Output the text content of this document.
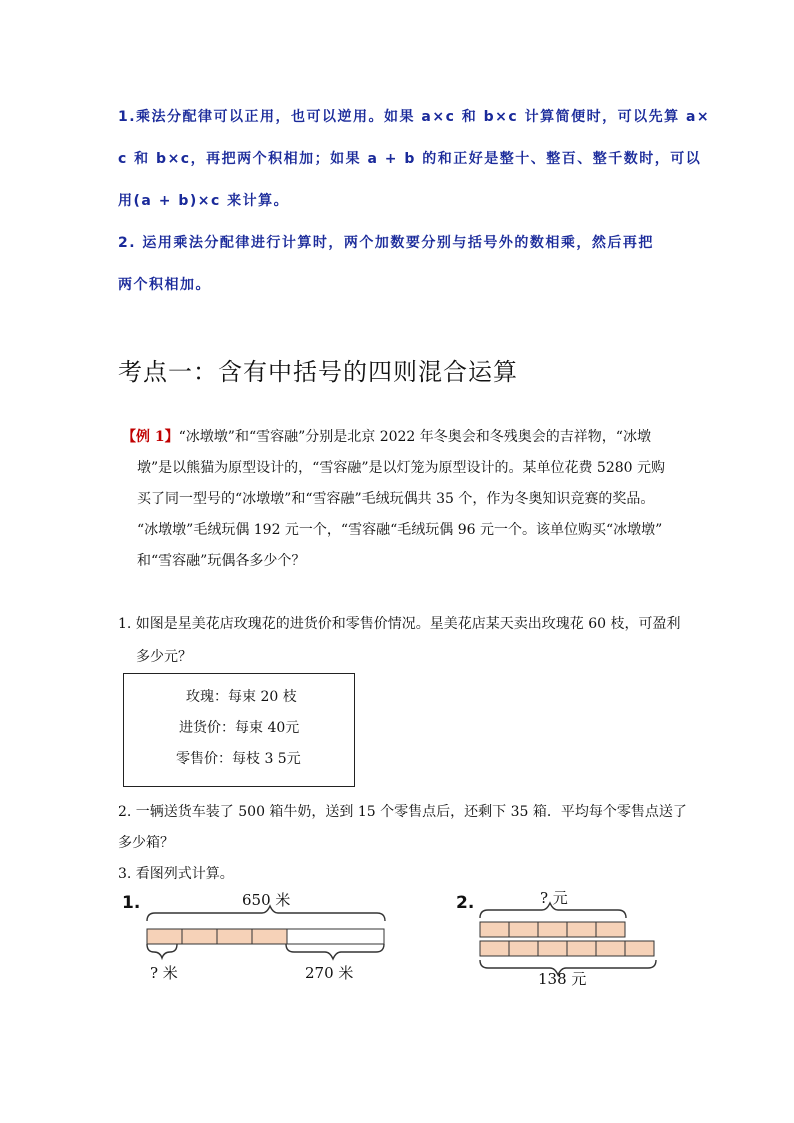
1.乘法分配律可以正用，也可以逆用。如果 a×c 和 b×c 计算简便时，可以先算 a×
c 和 b×c，再把两个积相加；如果 a + b 的和正好是整十、整百、整千数时，可以
用(a + b)×c 来计算。
2. 运用乘法分配律进行计算时，两个加数要分别与括号外的数相乘，然后再把
两个积相加。
考点一：含有中括号的四则混合运算
【例 1】“冰墩墩”和“雪容融”分别是北京 2022 年冬奥会和冬残奥会的吉祥物，“冰墩
墩”是以熊猫为原型设计的，“雪容融”是以灯笼为原型设计的。某单位花费 5280 元购
买了同一型号的“冰墩墩”和“雪容融”毛绒玩偶共 35 个，作为冬奥知识竞赛的奖品。
“冰墩墩”毛绒玩偶 192 元一个，“雪容融“毛绒玩偶 96 元一个。该单位购买“冰墩墩”
和“雪容融”玩偶各多少个？
1. 如图是星美花店玫瑰花的进货价和零售价情况。星美花店某天卖出玫瑰花 60 枝，可盈利
多少元？
玫瑰：每束 20 枝
进货价：每束 40元
零售价：每枝 3 5元
2. 一辆送货车装了 500 箱牛奶，送到 15 个零售点后，还剩下 35 箱．平均每个零售点送了
多少箱？
3. 看图列式计算。
1.	650 米
? 米	270 米
2.	? 元
138 元
